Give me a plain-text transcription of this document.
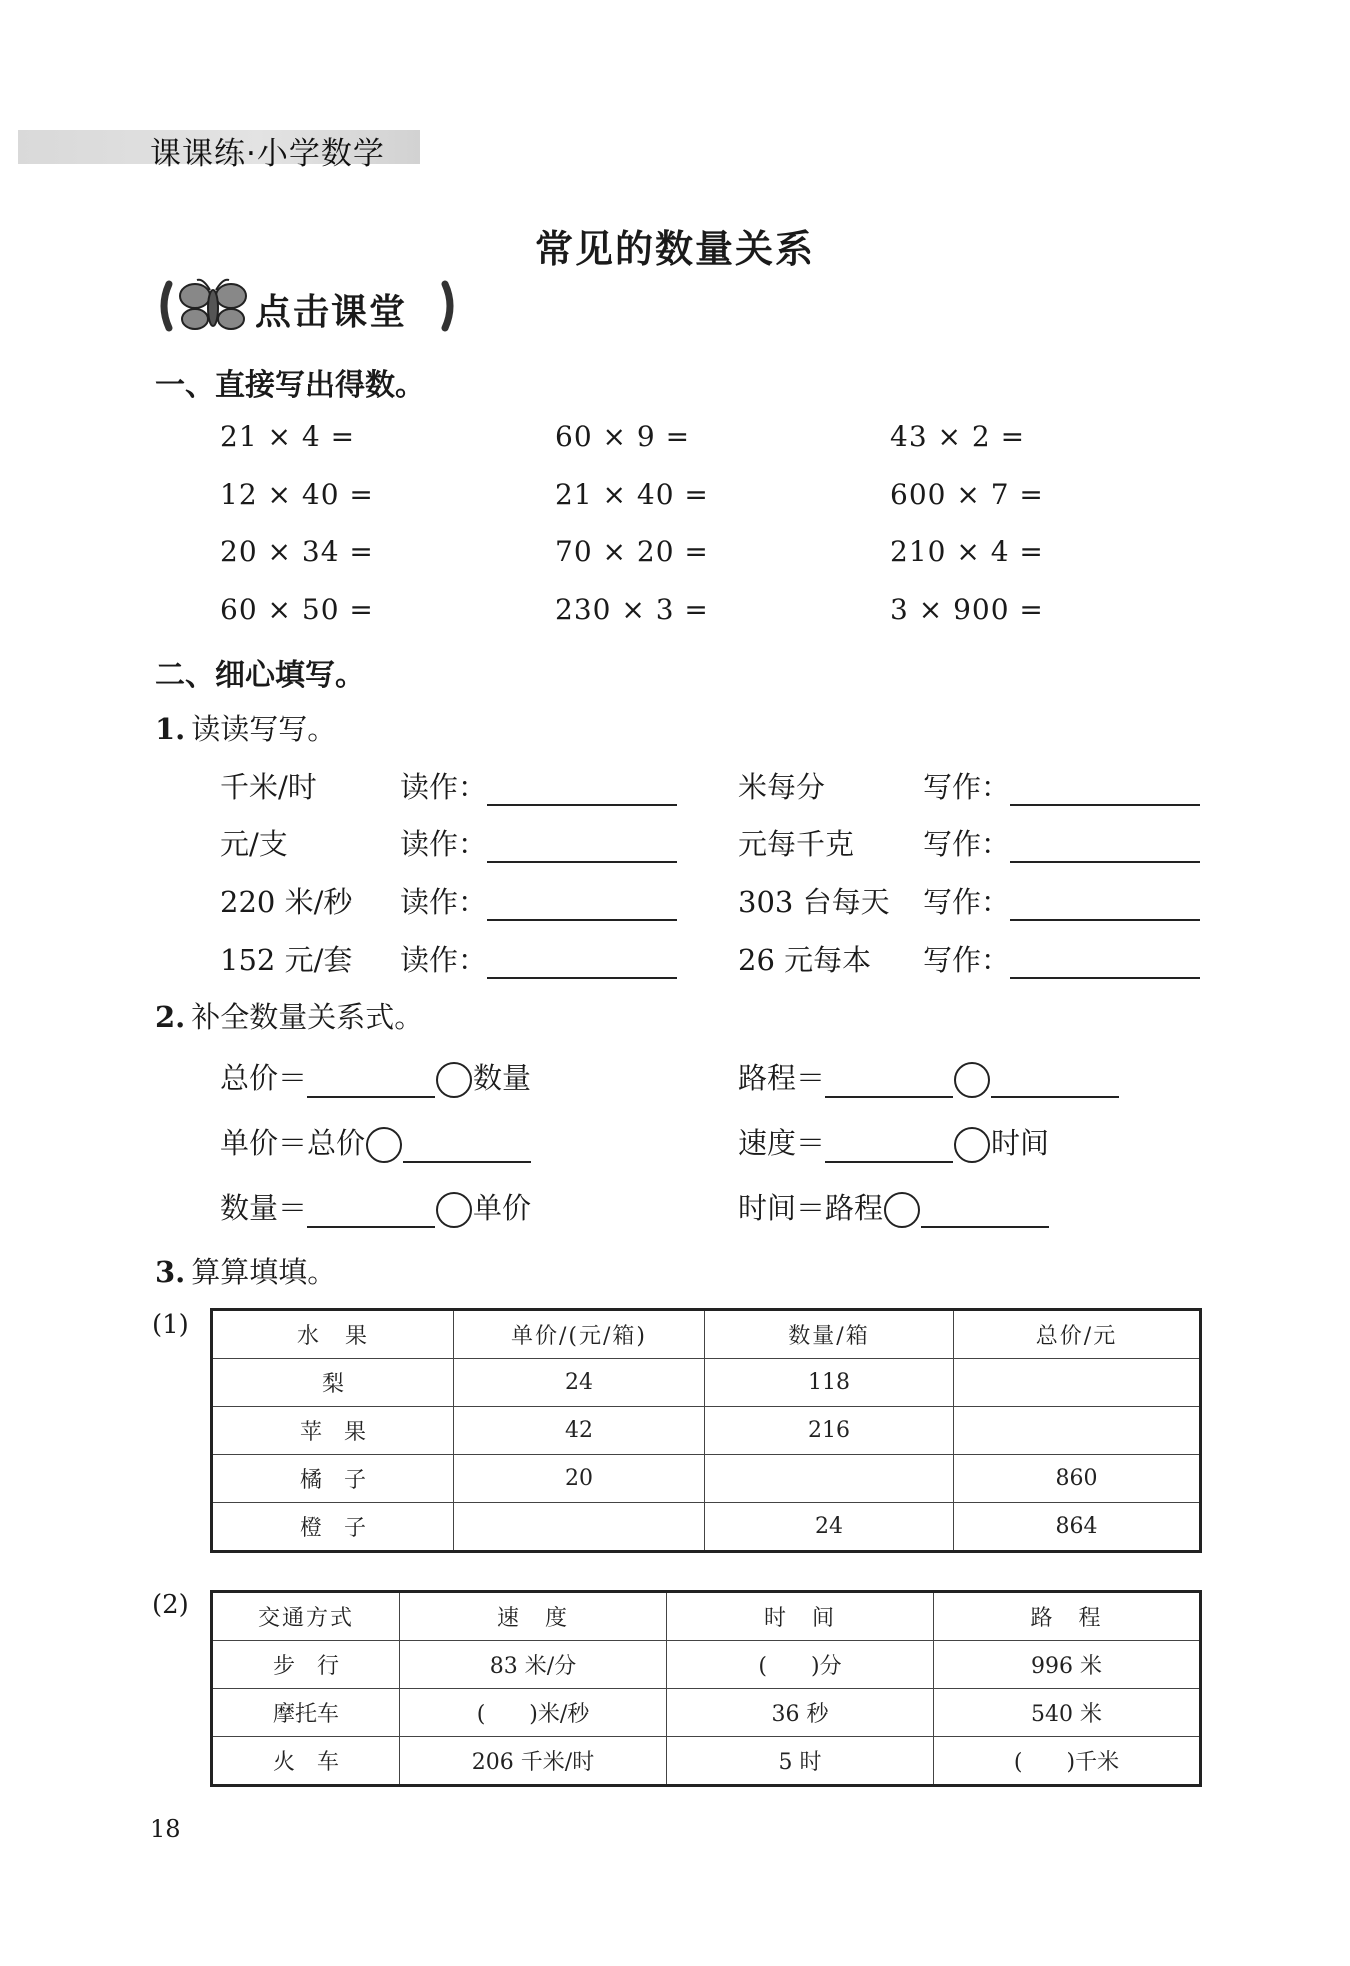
课课练·小学数学
常见的数量关系
点击课堂
一、直接写出得数。
21 × 4 =	60 × 9 =	43 × 2 =
12 × 40 =	21 × 40 =	600 × 7 =
20 × 34 =	70 × 20 =	210 × 4 =
60 × 50 =	230 × 3 =	3 × 900 =
二、细心填写。
1. 读读写写。
千米/时	读作：	米每分	写作：
元/支	读作：	元每千克 写作：
220 米/秒 读作：	303 台每天 写作：
152 元/套 读作：	26 元每本 写作：
2. 补全数量关系式。
总价＝	数量	路程＝
单价＝总价	速度＝	时间
数量＝	单价	时间＝路程
3. 算算填填。
(1)	水　果	单价/(元/箱)	数量/箱	总价/元
梨	24	118	
苹　果	42	216	
橘　子	20		860
橙　子		24	864
(2)	交通方式	速　度	时　间	路　程
步　行	83 米/分	(　　)分	996 米
摩托车	(　　)米/秒	36 秒	540 米
火　车	206 千米/时	5 时	(　　)千米
18
